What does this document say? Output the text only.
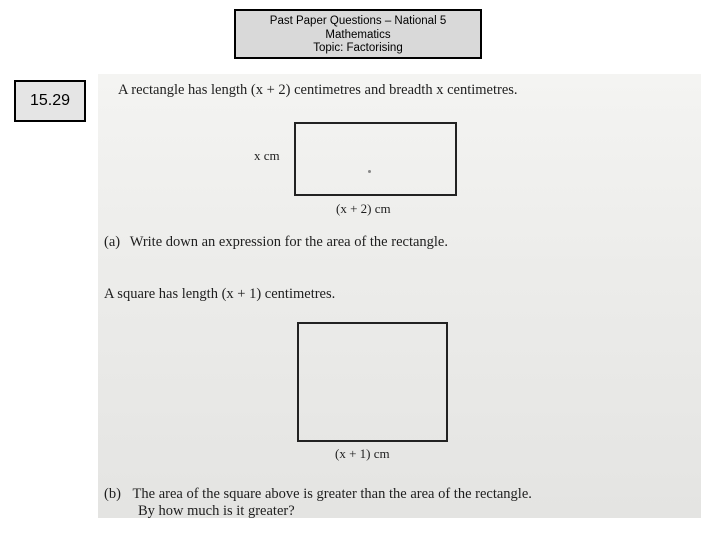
Past Paper Questions – National 5
Mathematics
Topic: Factorising
15.29
A rectangle has length (x + 2) centimetres and breadth x centimetres.
x cm
(x + 2) cm
(a) Write down an expression for the area of the rectangle.
A square has length (x + 1) centimetres.
(x + 1) cm
(b) The area of the square above is greater than the area of the rectangle.
By how much is it greater?
